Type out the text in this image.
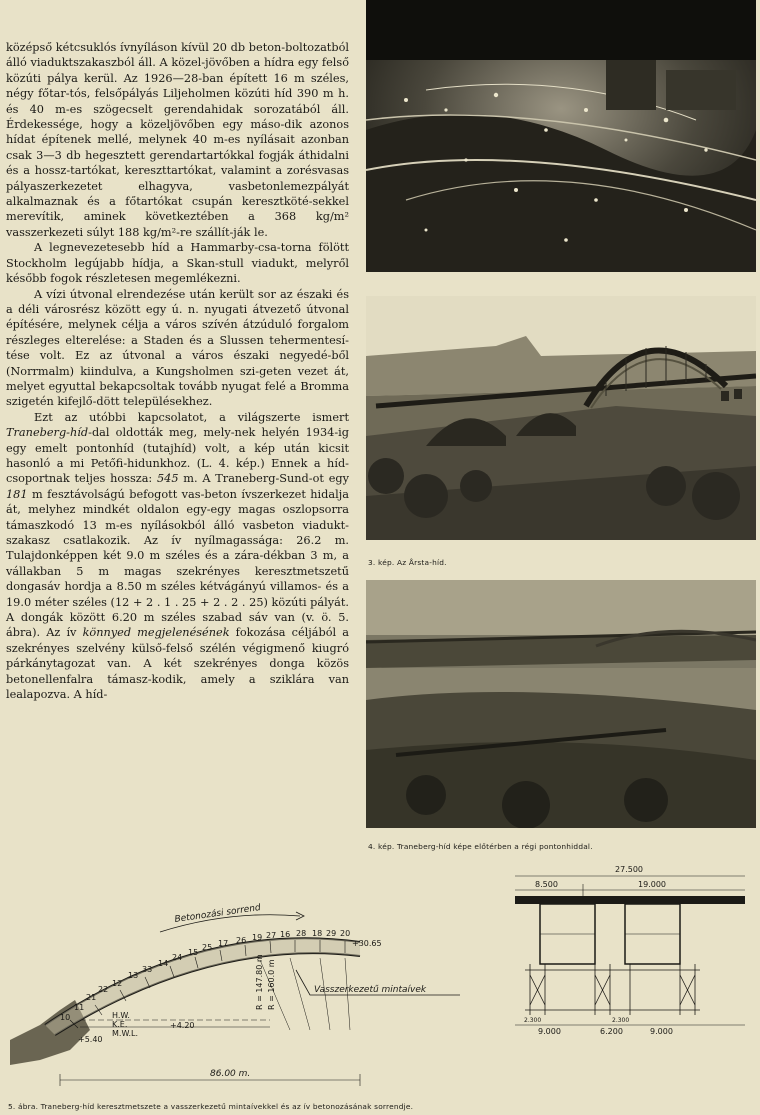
középső kétcsuklós ívnyíláson kívül 20 db beton-boltozatból álló viaduktszakaszból áll. A közel-jövőben a hídra egy felső közúti pálya kerül. Az 1926—28-ban épített 16 m széles, négy főtar-tós, felsőpályás Liljeholmen közúti híd 390 m h. és 40 m-es szögecselt gerendahidak sorozatából áll. Érdekessége, hogy a közeljövőben egy máso-dik azonos hídat építenek mellé, melynek 40 m-es nyílásait azonban csak 3—3 db hegesztett gerendartartókkal fogják áthidalni és a hossz-tartókat, kereszttartókat, valamint a zorésvasas pályaszerkezetet elhagyva, vasbetonlemezpályát alkalmaznak és a főtartókat csupán keresztköté-sekkel merevítik, aminek következtében a 368 kg/m² vasszerkezeti súlyt 188 kg/m²-re szállít-ják le.

A legnevezetesebb híd a Hammarby-csa-torna fölött Stockholm legújabb hídja, a Skan-stull viadukt, melyről később fogok részletesen megemlékezni.

A vízi útvonal elrendezése után került sor az északi és a déli városrész között egy ú. n. nyugati átvezető útvonal építésére, melynek célja a város szívén átzúduló forgalom részleges elterelése: a Staden és a Slussen tehermentesí-tése volt. Ez az útvonal a város északi negyedé-ből (Norrmalm) kiindulva, a Kungsholmen szi-geten vezet át, melyet egyuttal bekapcsoltak tovább nyugat felé a Bromma szigetén kifejlő-dött településekhez.

Ezt az utóbbi kapcsolatot, a világszerte ismert Traneberg-híd-dal oldották meg, mely-nek helyén 1934-ig egy emelt pontonhíd (tutajhíd) volt, a kép után kicsit hasonló a mi Petőfi-hidunkhoz. (L. 4. kép.) Ennek a híd-csoportnak teljes hossza: 545 m. A Traneberg-Sund-ot egy 181 m fesztávolságú befogott vas-beton ívszerkezet hidalja át, melyhez mindkét oldalon egy-egy magas oszlopsorra támaszkodó 13 m-es nyílásokból álló vasbeton viadukt-szakasz csatlakozik. Az ív nyílmagassága: 26.2 m. Tulajdonképpen két 9.0 m széles és a zára-dékban 3 m, a vállakban 5 m magas szekrényes keresztmetszetű dongasáv hordja a 8.50 m széles kétvágányú villamos- és a 19.0 méter széles (12 + 2 . 1 . 25 + 2 . 2 . 25) közúti pályát. A dongák között 6.20 m széles szabad sáv van (v. ö. 5. ábra). Az ív könnyed megjelenésének fokozása céljából a szekrényes szelvény külső-felső szélén végigmenő kiugró párkánytagozat van. A két szekrényes donga közös betonellenfalra támasz-kodik, amely a sziklára van lealapozva. A híd-

3. kép. Az Årsta-híd.
4. kép. Traneberg-híd képe előtérben a régi pontonhiddal.
86.00 m.
Betonozási sorrend
10
11
21
22
12
13
33
14
24
15
25 17 26 19 27 16 28 18 29 20
+30.65
H.W.
K.É.
M.W.L.
+4.20
+5.40
R = 147.80 m R = 160.0 m	Vasszerkezetű mintaívek
27.500
8.500	19.000
9.000	6.200	9.000
2.300	2.300
5. ábra. Traneberg-híd keresztmetszete a vasszerkezetű mintaívekkel és az ív betonozásának sorrendje.
